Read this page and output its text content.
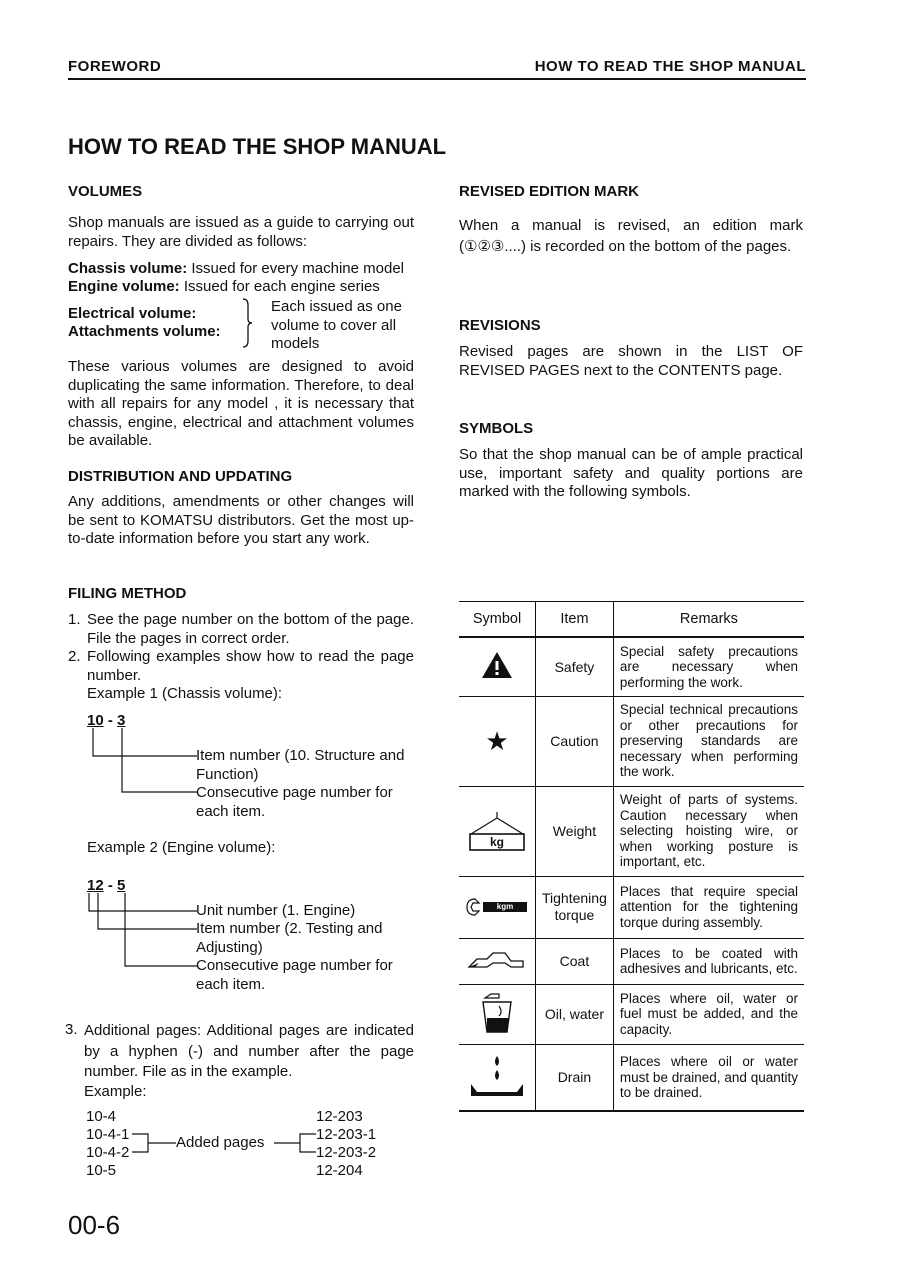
FOREWORD	HOW TO READ THE SHOP MANUAL
HOW TO READ THE SHOP MANUAL
VOLUMES
Shop manuals are issued as a guide to carrying out repairs. They are divided as follows:
Chassis volume: Issued for every machine model
Engine volume: Issued for each engine series
Electrical volume:
Attachments volume:
Each issued as one volume to cover all models
These various volumes are designed to avoid duplicating the same information. Therefore, to deal with all repairs for any model , it is necessary that chassis, engine, electrical and attachment volumes be available.
DISTRIBUTION AND UPDATING
Any additions, amendments or other changes will be sent to KOMATSU distributors. Get the most up-to-date information before you start any work.
FILING METHOD
1. See the page number on the bottom of the page. File the pages in correct order.
2. Following examples show how to read the page number.
Example 1 (Chassis volume):
10 - 3
Item number (10. Structure and Function)
Consecutive page number for each item.
Example 2 (Engine volume):
12 - 5
Unit number (1. Engine)
Item number (2. Testing and Adjusting)
Consecutive page number for each item.
3. Additional pages: Additional pages are indicated by a hyphen (-) and number after the page number. File as in the example.
Example:
10-4
10-4-1
10-4-2
10-5
Added pages
12-203
12-203-1
12-203-2
12-204
REVISED EDITION MARK
When a manual is revised, an edition mark (①②③....) is recorded on the bottom of the pages.
REVISIONS
Revised pages are shown in the LIST OF REVISED PAGES next to the CONTENTS page.
SYMBOLS
So that the shop manual can be of ample practical use, important safety and quality portions are marked with the following symbols.
Symbol	Item	Remarks
	Safety	Special safety precautions are necessary when performing the work.
★	Caution	Special technical precautions or other precautions for preserving standards are necessary when performing the work.

kg	Weight	Weight of parts of systems. Caution necessary when selecting hoisting wire, or when working posture is important, etc.

kgm	Tightening torque	Places that require special attention for the tightening torque during assembly.
	Coat	Places to be coated with adhesives and lubricants, etc.
	Oil, water	Places where oil, water or fuel must be added, and the capacity.
	Drain	Places where oil or water must be drained, and quantity to be drained.
00-6
